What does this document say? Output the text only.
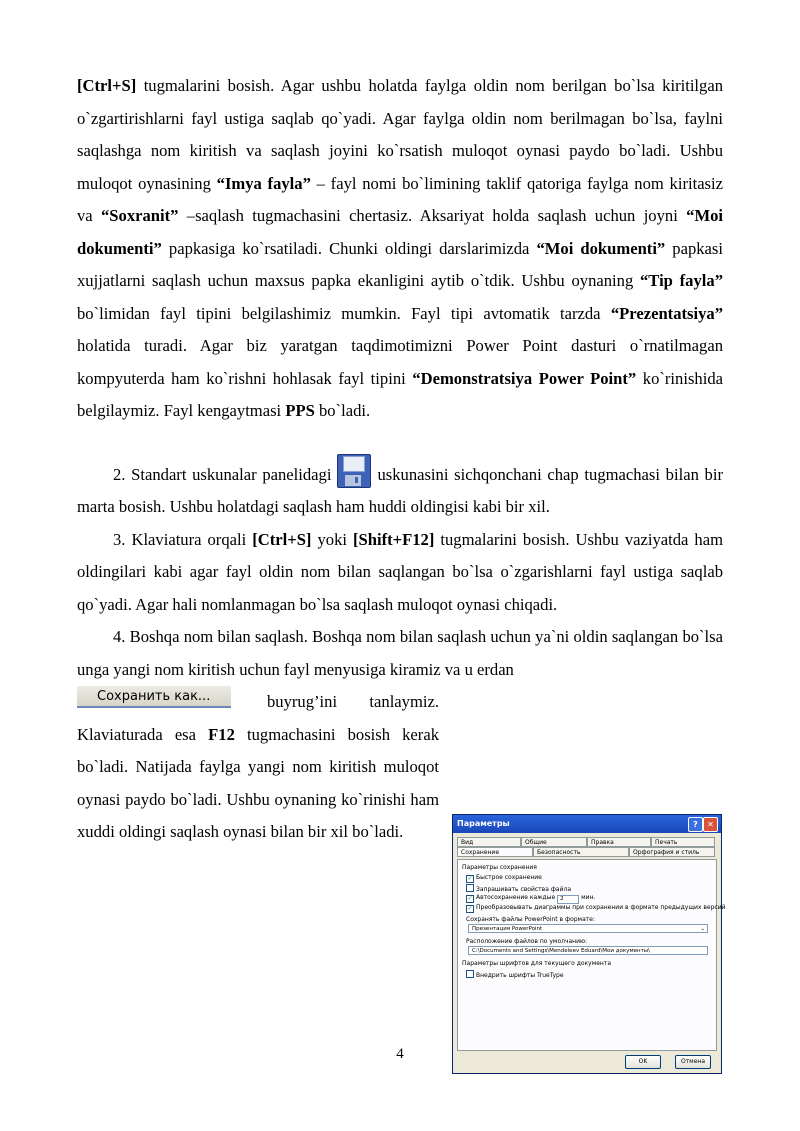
[Ctrl+S] tugmalarini bosish. Agar ushbu holatda faylga oldin nom berilgan bo`lsa kiritilgan o`zgartirishlarni fayl ustiga saqlab qo`yadi. Agar faylga oldin nom berilmagan bo`lsa, faylni saqlashga nom kiritish va saqlash joyini ko`rsatish muloqot oynasi paydo bo`ladi. Ushbu muloqot oynasining “Imya fayla” – fayl nomi bo`limining taklif qatoriga faylga nom kiritasiz va “Soxranit” –saqlash tugmachasini chertasiz. Aksariyat holda saqlash uchun joyni “Moi dokumenti” papkasiga ko`rsatiladi. Chunki oldingi darslarimizda “Moi dokumenti” papkasi xujjatlarni saqlash uchun maxsus papka ekanligini aytib o`tdik. Ushbu oynaning “Tip fayla” bo`limidan fayl tipini belgilashimiz mumkin. Fayl tipi avtomatik tarzda “Prezentatsiya” holatida turadi. Agar biz yaratgan taqdimotimizni Power Point dasturi o`rnatilmagan kompyuterda ham ko`rishni hohlasak fayl tipini “Demonstratsiya Power Point” ko`rinishida belgilaymiz. Fayl kengaytmasi PPS bo`ladi.

2. Standart uskunalar panelidagi	uskunasini sichqonchani chap tugmachasi bilan bir marta bosish. Ushbu holatdagi saqlash ham huddi oldingisi kabi bir xil.

3. Klaviatura orqali [Ctrl+S] yoki [Shift+F12] tugmalarini bosish. Ushbu vaziyatda ham oldingilari kabi agar fayl oldin nom bilan saqlangan bo`lsa o`zgarishlarni fayl ustiga saqlab qo`yadi. Agar hali nomlanmagan bo`lsa saqlash muloqot oynasi chiqadi.

4. Boshqa nom bilan saqlash. Boshqa nom bilan saqlash uchun ya`ni oldin saqlangan bo`lsa unga yangi nom kiritish uchun fayl menyusiga kiramiz va u erdan

Сохранить как...	buyrug’ini tanlaymiz.

Klaviaturada esa F12 tugmachasini bosish kerak bo`ladi. Natijada faylga yangi nom kiritish muloqot oynasi paydo bo`ladi. Ushbu oynaning ko`rinishi ham xuddi oldingi saqlash oynasi bilan bir xil bo`ladi.	Параметры	?	✕
Вид	Общие	Правка	Печать
Сохранение	Безопасность	Орфография и стиль
Параметры сохранения
✓ Быстрое сохранение
Запрашивать свойства файла
✓ Автосохранение каждые 2	мин.
✓ Преобразовывать диаграммы при сохранении в формате предыдущих версий
Сохранять файлы PowerPoint в формате:
Презентация PowerPoint	⌄
Расположение файлов по умолчанию:
C:\Documents and Settings\Mendeleev Eduard\Мои документы\
Параметры шрифтов для текущего документа
Внедрить шрифты TrueType
OK	Отмена
4
